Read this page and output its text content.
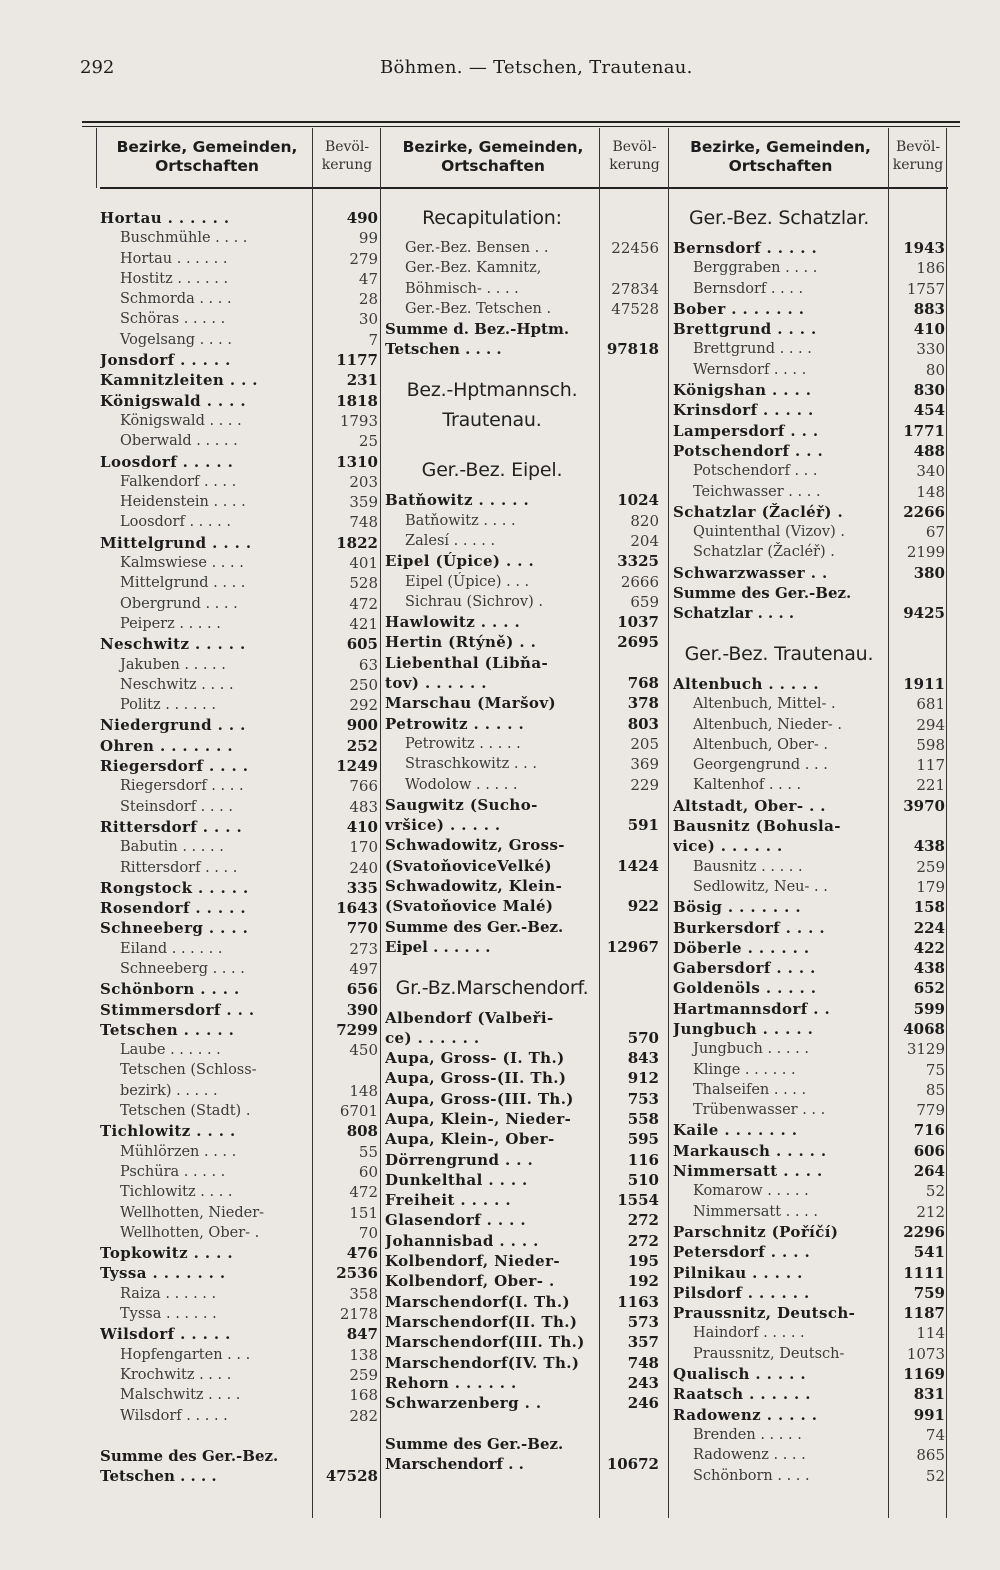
292	Böhmen. — Tetschen, Trautenau.
Bezirke, Gemeinden, Ortschaften
Bevöl- kerung
Hortau . . . . . .	490
Buschmühle . . . .	99
Hortau . . . . . .	279
Hostitz . . . . . .	47
Schmorda . . . .	28
Schöras . . . . .	30
Vogelsang . . . .	7
Jonsdorf . . . . .	1177
Kamnitzleiten . . .	231
Königswald . . . .	1818
Königswald . . . .	1793
Oberwald . . . . .	25
Loosdorf . . . . .	1310
Falkendorf . . . .	203
Heidenstein . . . .	359
Loosdorf . . . . .	748
Mittelgrund . . . .	1822
Kalmswiese . . . .	401
Mittelgrund . . . .	528
Obergrund . . . .	472
Peiperz . . . . .	421
Neschwitz . . . . .	605
Jakuben . . . . .	63
Neschwitz . . . .	250
Politz . . . . . .	292
Niedergrund . . .	900
Ohren . . . . . . .	252
Riegersdorf . . . .	1249
Riegersdorf . . . .	766
Steinsdorf . . . .	483
Rittersdorf . . . .	410
Babutin . . . . .	170
Rittersdorf . . . .	240
Rongstock . . . . .	335
Rosendorf . . . . .	1643
Schneeberg . . . .	770
Eiland . . . . . .	273
Schneeberg . . . .	497
Schönborn . . . .	656
Stimmersdorf . . .	390
Tetschen . . . . .	7299
Laube . . . . . .	450
Tetschen (Schloss-
bezirk) . . . . .	148
Tetschen (Stadt) .	6701
Tichlowitz . . . .	808
Mühlörzen . . . .	55
Pschüra . . . . .	60
Tichlowitz . . . .	472
Wellhotten, Nieder-	151
Wellhotten, Ober- .	70
Topkowitz . . . .	476
Tyssa . . . . . . .	2536
Raiza . . . . . .	358
Tyssa . . . . . .	2178
Wilsdorf . . . . .	847
Hopfengarten . . .	138
Krochwitz . . . .	259
Malschwitz . . . .	168
Wilsdorf . . . . .	282
Summe des Ger.-Bez.
Tetschen . . . .	47528
Bezirke, Gemeinden, Ortschaften
Bevöl- kerung
Recapitulation:
Ger.-Bez. Bensen . .	22456
Ger.-Bez. Kamnitz,
Böhmisch- . . . .	27834
Ger.-Bez. Tetschen .	47528
Summe d. Bez.-Hptm.
Tetschen . . . .	97818
Bez.-Hptmannsch.
Trautenau.
Ger.-Bez. Eipel.
Batňowitz . . . . .	1024
Batňowitz . . . .	820
Zalesí . . . . .	204
Eipel (Úpice) . . .	3325
Eipel (Úpice) . . .	2666
Sichrau (Sichrov) .	659
Hawlowitz . . . .	1037
Hertin (Rtýně) . .	2695
Liebenthal (Libňa-
tov) . . . . . .	768
Marschau (Maršov)	378
Petrowitz . . . . .	803
Petrowitz . . . . .	205
Straschkowitz . . .	369
Wodolow . . . . .	229
Saugwitz (Sucho-
vršice) . . . . .	591
Schwadowitz, Gross-
(SvatoňoviceVelké)	1424
Schwadowitz, Klein-
(Svatoňovice Malé)	922
Summe des Ger.-Bez.
Eipel . . . . . .	12967
Gr.-Bz.Marschendorf.
Albendorf (Valbeři-
ce) . . . . . .	570
Aupa, Gross- (I. Th.)	843
Aupa, Gross-(II. Th.)	912
Aupa, Gross-(III. Th.)	753
Aupa, Klein-, Nieder-	558
Aupa, Klein-, Ober-	595
Dörrengrund . . .	116
Dunkelthal . . . .	510
Freiheit . . . . .	1554
Glasendorf . . . .	272
Johannisbad . . . .	272
Kolbendorf, Nieder-	195
Kolbendorf, Ober- .	192
Marschendorf(I. Th.)	1163
Marschendorf(II. Th.)	573
Marschendorf(III. Th.)	357
Marschendorf(IV. Th.)	748
Rehorn . . . . . .	243
Schwarzenberg . .	246
Summe des Ger.-Bez.
Marschendorf . .	10672
Bezirke, Gemeinden, Ortschaften
Bevöl- kerung
Ger.-Bez. Schatzlar.
Bernsdorf . . . . .	1943
Berggraben . . . .	186
Bernsdorf . . . .	1757
Bober . . . . . . .	883
Brettgrund . . . .	410
Brettgrund . . . .	330
Wernsdorf . . . .	80
Königshan . . . .	830
Krinsdorf . . . . .	454
Lampersdorf . . .	1771
Potschendorf . . .	488
Potschendorf . . .	340
Teichwasser . . . .	148
Schatzlar (Žacléř) .	2266
Quintenthal (Vizov) .	67
Schatzlar (Žacléř) .	2199
Schwarzwasser . .	380
Summe des Ger.-Bez.
Schatzlar . . . .	9425
Ger.-Bez. Trautenau.
Altenbuch . . . . .	1911
Altenbuch, Mittel- .	681
Altenbuch, Nieder- .	294
Altenbuch, Ober- .	598
Georgengrund . . .	117
Kaltenhof . . . .	221
Altstadt, Ober- . .	3970
Bausnitz (Bohusla-
vice) . . . . . .	438
Bausnitz . . . . .	259
Sedlowitz, Neu- . .	179
Bösig . . . . . . .	158
Burkersdorf . . . .	224
Döberle . . . . . .	422
Gabersdorf . . . .	438
Goldenöls . . . . .	652
Hartmannsdorf . .	599
Jungbuch . . . . .	4068
Jungbuch . . . . .	3129
Klinge . . . . . .	75
Thalseifen . . . .	85
Trübenwasser . . .	779
Kaile . . . . . . .	716
Markausch . . . . .	606
Nimmersatt . . . .	264
Komarow . . . . .	52
Nimmersatt . . . .	212
Parschnitz (Poříčí)	2296
Petersdorf . . . .	541
Pilnikau . . . . .	1111
Pilsdorf . . . . . .	759
Praussnitz, Deutsch-	1187
Haindorf . . . . .	114
Praussnitz, Deutsch-	1073
Qualisch . . . . .	1169
Raatsch . . . . . .	831
Radowenz . . . . .	991
Brenden . . . . .	74
Radowenz . . . .	865
Schönborn . . . .	52
